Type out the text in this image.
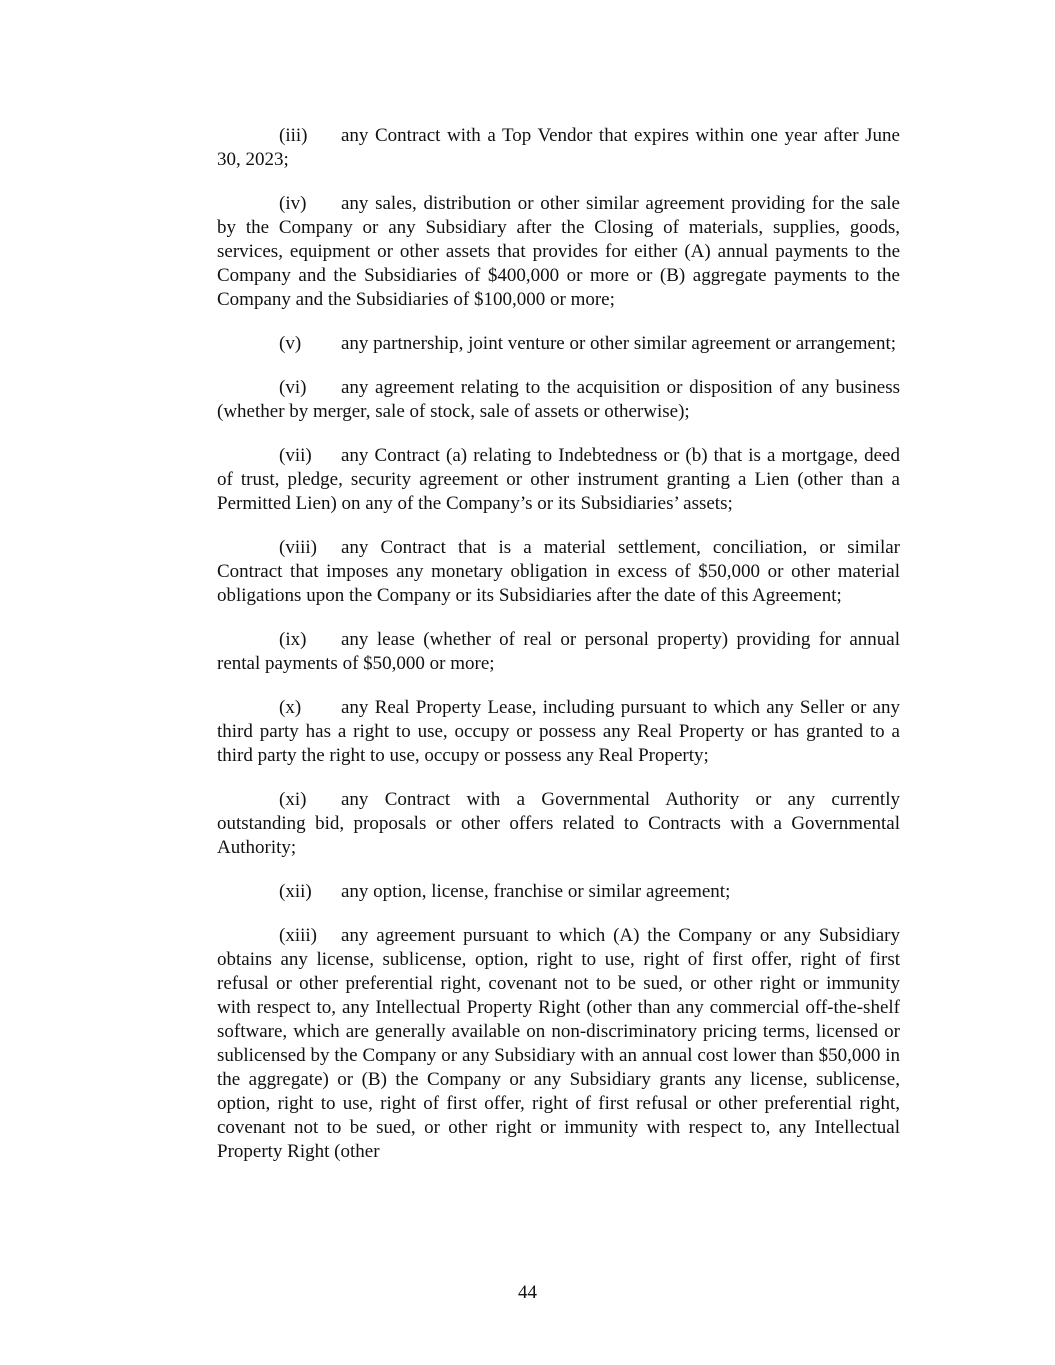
(iii) any Contract with a Top Vendor that expires within one year after June 30, 2023;

(iv) any sales, distribution or other similar agreement providing for the sale by the Company or any Subsidiary after the Closing of materials, supplies, goods, services, equipment or other assets that provides for either (A) annual payments to the Company and the Subsidiaries of $400,000 or more or (B) aggregate payments to the Company and the Subsidiaries of $100,000 or more;

(v) any partnership, joint venture or other similar agreement or arrangement;

(vi) any agreement relating to the acquisition or disposition of any business (whether by merger, sale of stock, sale of assets or otherwise);

(vii) any Contract (a) relating to Indebtedness or (b) that is a mortgage, deed of trust, pledge, security agreement or other instrument granting a Lien (other than a Permitted Lien) on any of the Company’s or its Subsidiaries’ assets;

(viii) any Contract that is a material settlement, conciliation, or similar Contract that imposes any monetary obligation in excess of $50,000 or other material obligations upon the Company or its Subsidiaries after the date of this Agreement;

(ix) any lease (whether of real or personal property) providing for annual rental payments of $50,000 or more;

(x) any Real Property Lease, including pursuant to which any Seller or any third party has a right to use, occupy or possess any Real Property or has granted to a third party the right to use, occupy or possess any Real Property;

(xi) any Contract with a Governmental Authority or any currently outstanding bid, proposals or other offers related to Contracts with a Governmental Authority;

(xii) any option, license, franchise or similar agreement;

(xiii) any agreement pursuant to which (A) the Company or any Subsidiary obtains any license, sublicense, option, right to use, right of first offer, right of first refusal or other preferential right, covenant not to be sued, or other right or immunity with respect to, any Intellectual Property Right (other than any commercial off-the-shelf software, which are generally available on non-discriminatory pricing terms, licensed or sublicensed by the Company or any Subsidiary with an annual cost lower than $50,000 in the aggregate) or (B) the Company or any Subsidiary grants any license, sublicense, option, right to use, right of first offer, right of first refusal or other preferential right, covenant not to be sued, or other right or immunity with respect to, any Intellectual Property Right (other

44
